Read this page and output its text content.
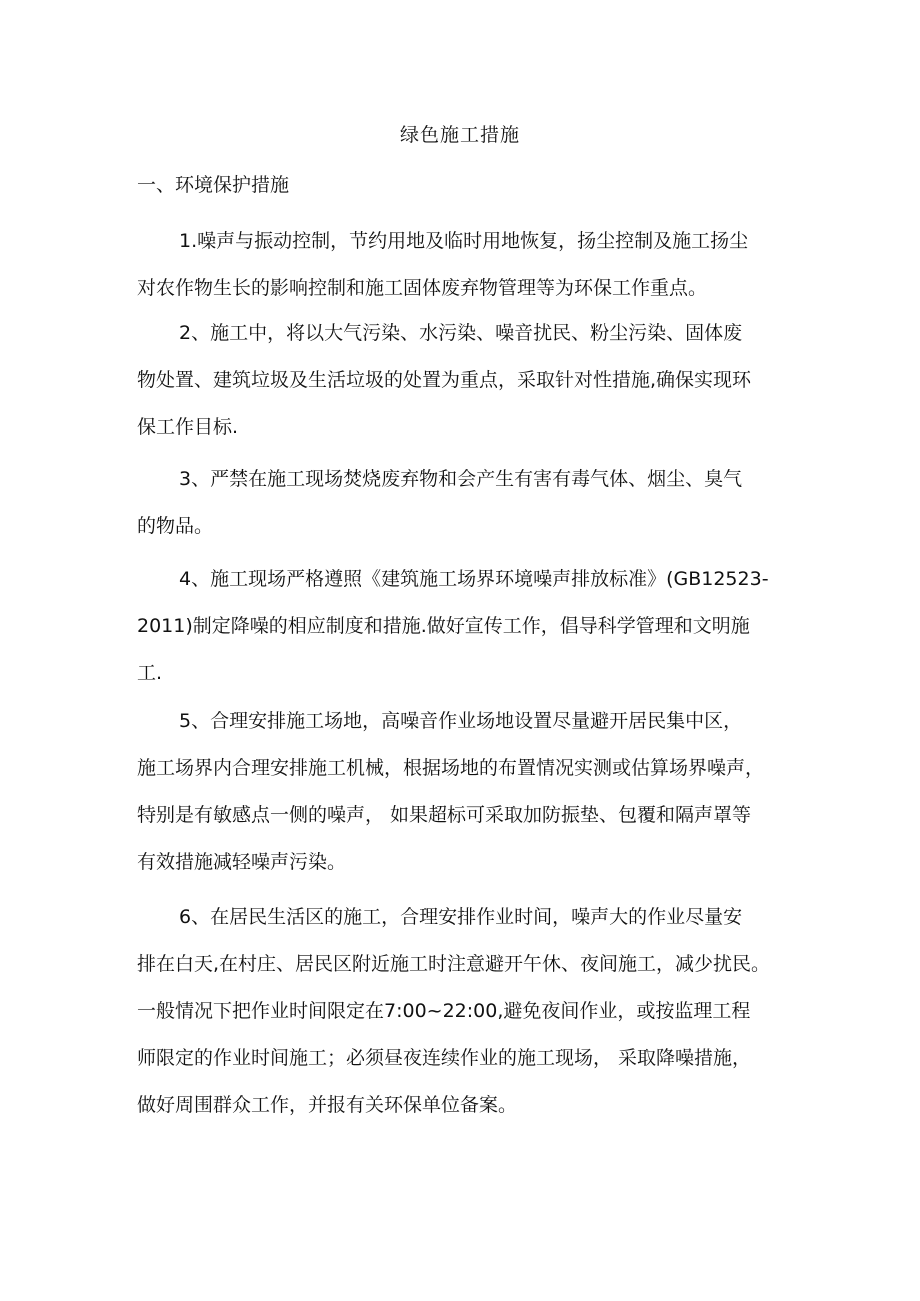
绿色施工措施
一、环境保护措施
1.噪声与振动控制，节约用地及临时用地恢复，扬尘控制及施工扬尘
对农作物生长的影响控制和施工固体废弃物管理等为环保工作重点。
2、施工中，将以大气污染、水污染、噪音扰民、粉尘污染、固体废
物处置、建筑垃圾及生活垃圾的处置为重点，采取针对性措施,确保实现环
保工作目标.
3、严禁在施工现场焚烧废弃物和会产生有害有毒气体、烟尘、臭气
的物品。
4、施工现场严格遵照《建筑施工场界环境噪声排放标准》(GB12523-
2011)制定降噪的相应制度和措施.做好宣传工作，倡导科学管理和文明施
工.
5、合理安排施工场地，高噪音作业场地设置尽量避开居民集中区，
施工场界内合理安排施工机械，根据场地的布置情况实测或估算场界噪声，
特别是有敏感点一侧的噪声， 如果超标可采取加防振垫、包覆和隔声罩等
有效措施减轻噪声污染。
6、在居民生活区的施工，合理安排作业时间，噪声大的作业尽量安
排在白天,在村庄、居民区附近施工时注意避开午休、夜间施工，减少扰民。
一般情况下把作业时间限定在7:00~22:00,避免夜间作业，或按监理工程
师限定的作业时间施工；必须昼夜连续作业的施工现场， 采取降噪措施，
做好周围群众工作，并报有关环保单位备案。
